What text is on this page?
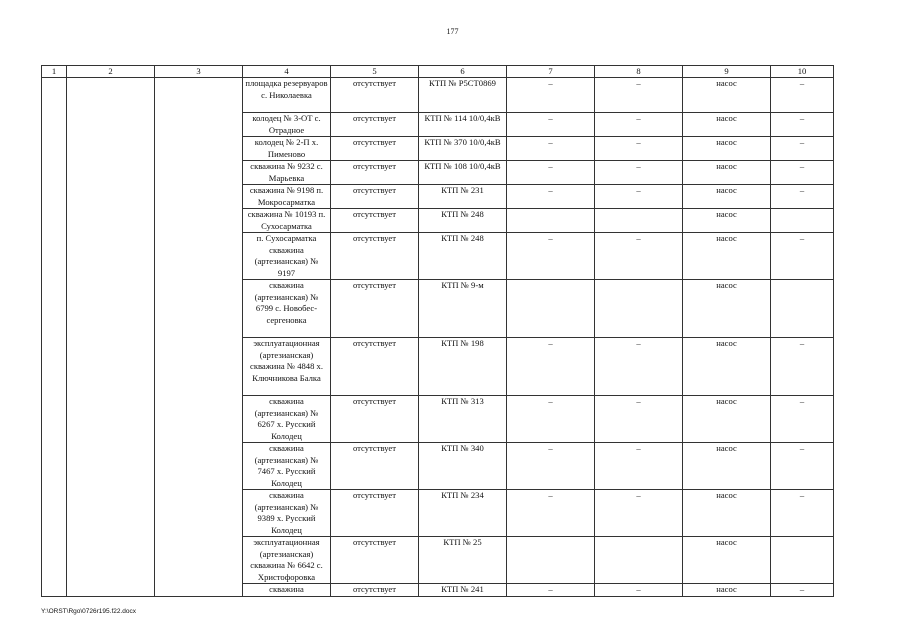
177
1	2	3	4	5	6	7	8	9	10
			площадка резервуаров с. Николаевка	отсутствует	КТП № Р5СТ0869	–	–	насос	–
			колодец № 3-ОТ с. Отрадное	отсутствует	КТП № 114 10/0,4кВ	–	–	насос	–
			колодец № 2-П х. Пименово	отсутствует	КТП № 370 10/0,4кВ	–	–	насос	–
			скважина № 9232 с. Марьевка	отсутствует	КТП № 108 10/0,4кВ	–	–	насос	–
			скважина № 9198 п. Мокросарматка	отсутствует	КТП № 231	–	–	насос	–
			скважина № 10193 п. Сухосарматка	отсутствует	КТП № 248			насос	
			п. Сухосарматка скважина (артезианская) № 9197	отсутствует	КТП № 248	–	–	насос	–
			скважина (артезианская) № 6799 с. Новобес-сергеновка	отсутствует	КТП № 9-м			насос	
			эксплуатационная (артезианская) скважина № 4848 х. Ключникова Балка	отсутствует	КТП № 198	–	–	насос	–
			скважина (артезианская) № 6267 х. Русский Колодец	отсутствует	КТП № 313	–	–	насос	–
			скважина (артезианская) № 7467 х. Русский Колодец	отсутствует	КТП № 340	–	–	насос	–
			скважина (артезианская) № 9389 х. Русский Колодец	отсутствует	КТП № 234	–	–	насос	–
			эксплуатационная (артезианская) скважина № 6642 с. Христофоровка	отсутствует	КТП № 25			насос	
			скважина	отсутствует	КТП № 241	–	–	насос	–
Y:\ORST\Rgo\0726r195.f22.docx
